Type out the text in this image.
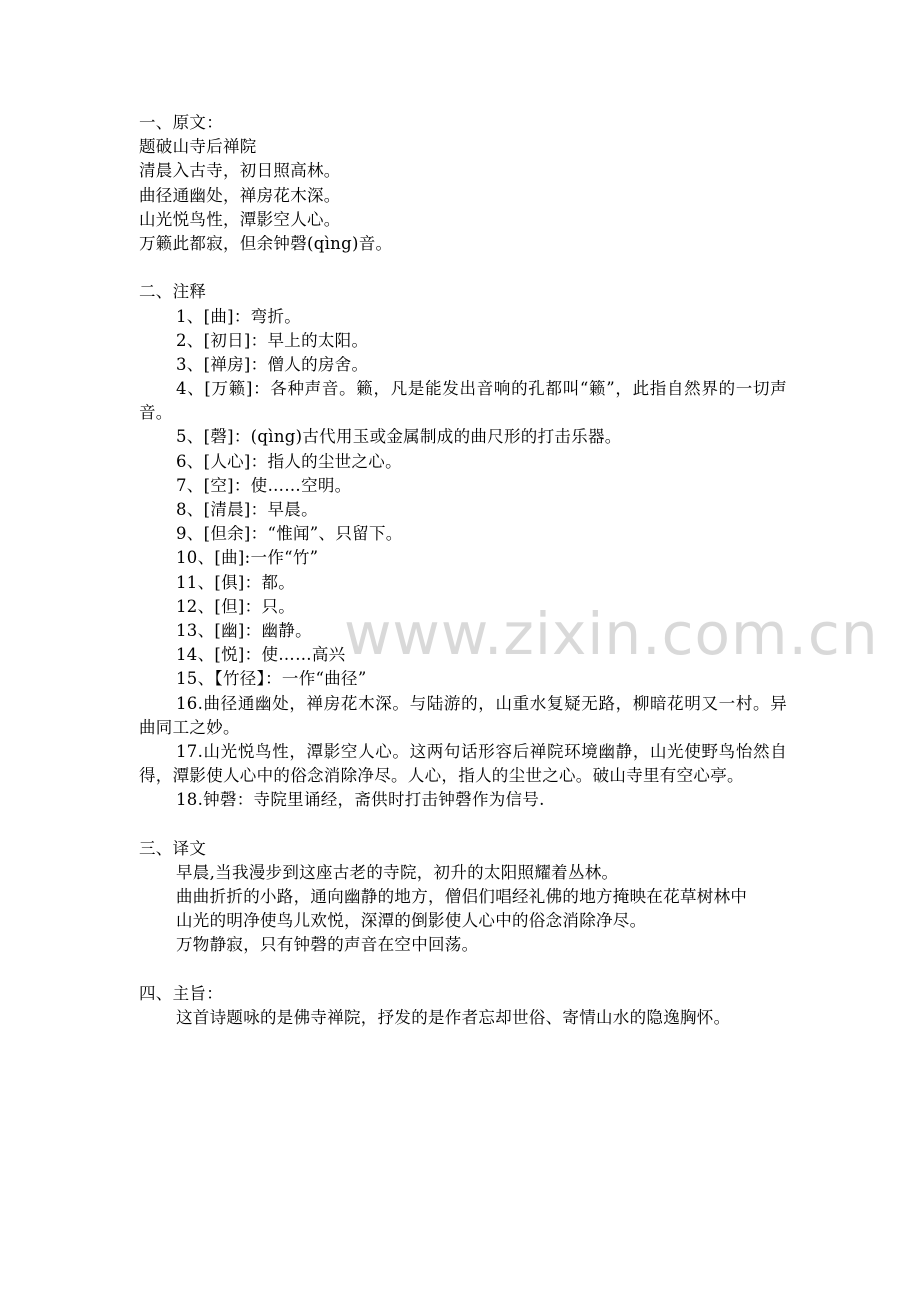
www.zixin.com.cn
一、原文：
题破山寺后禅院
清晨入古寺，初日照高林。
曲径通幽处，禅房花木深。
山光悦鸟性，潭影空人心。
万籁此都寂，但余钟磬(qìng)音。
二、注释
1、[曲]：弯折。
2、[初日]：早上的太阳。
3、[禅房]：僧人的房舍。
4、[万籁]：各种声音。籁，凡是能发出音响的孔都叫“籁”，此指自然界的一切声音。
5、[磬]：(qìng)古代用玉或金属制成的曲尺形的打击乐器。
6、[人心]：指人的尘世之心。
7、[空]：使……空明。
8、[清晨]：早晨。
9、[但余]：“惟闻”、只留下。
10、[曲]:一作“竹”
11、[俱]：都。
12、[但]：只。
13、[幽]：幽静。
14、[悦]：使……高兴
15、【竹径】：一作“曲径”
16.曲径通幽处，禅房花木深。与陆游的，山重水复疑无路，柳暗花明又一村。异曲同工之妙。
17.山光悦鸟性，潭影空人心。这两句话形容后禅院环境幽静，山光使野鸟怡然自得，潭影使人心中的俗念消除净尽。人心，指人的尘世之心。破山寺里有空心亭。
18.钟磬：寺院里诵经，斋供时打击钟磬作为信号.
三、译文
早晨,当我漫步到这座古老的寺院，初升的太阳照耀着丛林。
曲曲折折的小路，通向幽静的地方，僧侣们唱经礼佛的地方掩映在花草树林中
山光的明净使鸟儿欢悦，深潭的倒影使人心中的俗念消除净尽。
万物静寂，只有钟磬的声音在空中回荡。
四、主旨：
这首诗题咏的是佛寺禅院，抒发的是作者忘却世俗、寄情山水的隐逸胸怀。
